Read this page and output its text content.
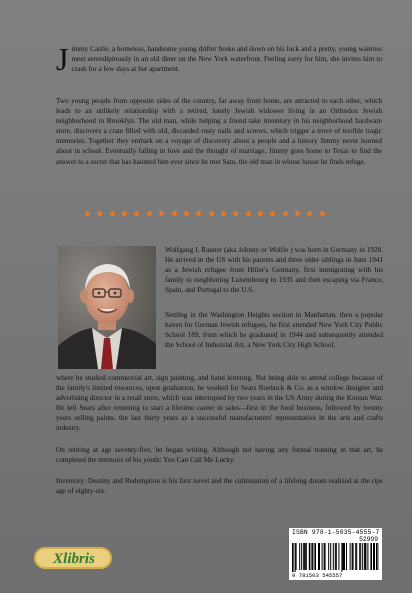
Jimmy Castle, a homeless, handsome young drifter broke and down on his luck and a pretty, young waitress meet serendipitously in an old diner on the New York waterfront. Feeling sorry for him, she invites him to crash for a few days at her apartment.

Two young people from opposite sides of the country, far away from home, are attracted to each other, which leads to an unlikely relationship with a retired, lonely Jewish widower living in an Orthodox Jewish neighborhood in Brooklyn. The old man, while helping a friend take inventory in his neighborhood hardware store, discovers a crate filled with old, discarded rusty nails and screws, which trigger a trove of terrible tragic memories. Together they embark on a voyage of discovery about a people and a history Jimmy never learned about in school. Eventually falling in love and the thought of marriage, Jimmy goes home to Texas to find the answer to a secret that has haunted him ever since he met Sam, the old man in whose house he finds refuge.

Wolfgang I. Rauner (aka Johnny or Wolfie ) was born in Germany in 1928. He arrived in the US with his parents and three older siblings in June 1941 as a Jewish refugee from Hitler's Germany, first immigrating with his family to neighboring Luxembourg in 1935 and then escaping via France, Spain, and Portugal to the U.S.

Settling in the Washington Heights section in Manhattan, then a popular haven for German Jewish refugees, he first attended New York City Public School 189, from which he graduated in 1944 and subsequently attended the School of Industrial Art, a New York City High School,

where he studied commercial art, sign painting, and hand lettering. Not being able to attend college because of the family's limited resources, upon graduation, he worked for Sears Roebuck & Co. as a window designer and advertising director in a retail store, which was interrupted by two years in the US Army during the Korean War. He left Sears after returning to start a lifetime career in sales—first in the food business, followed by twenty years selling paints, the last thirty years as a successful manufacturers' representative in the arts and crafts industry.

On retiring at age seventy-five, he began writing. Although not having any formal training in that art, he completed the memoirs of his youth: You Can Call Me Lucky.

Inventory: Destiny and Redemption is his first novel and the culmination of a lifelong dream realized at the ripe age of eighty-six.

Xlibris
ISBN 978-1-5035-4555-7
52999
9 781503 545557
